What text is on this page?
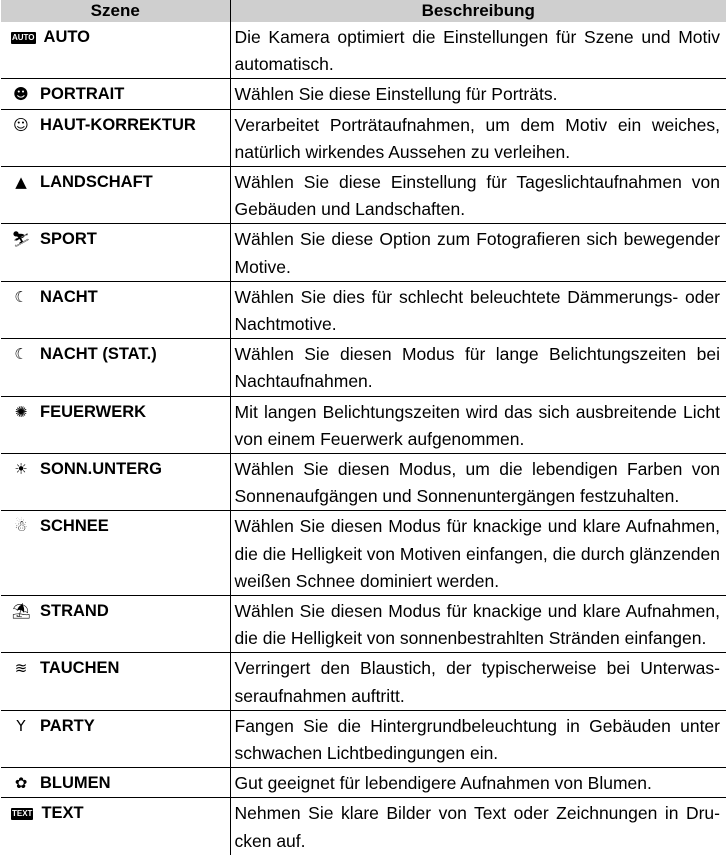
Szene	Beschreibung
AUTO AUTO	Die Kamera optimiert die Einstellungen für Szene und Motiv automatisch.
☻ PORTRAIT	Wählen Sie diese Einstellung für Porträts.
☺ HAUT-KORREKTUR	Verarbeitet Porträtaufnahmen, um dem Motiv ein weiches, natürlich wirkendes Aussehen zu verleihen.
▲ LANDSCHAFT	Wählen Sie diese Einstellung für Tageslichtaufnahmen von Gebäuden und Landschaften.
⛷ SPORT	Wählen Sie diese Option zum Fotografieren sich bewegender Motive.
☾ NACHT	Wählen Sie dies für schlecht beleuchtete Dämmerungs- oder Nachtmotive.
☾ NACHT (STAT.)	Wählen Sie diesen Modus für lange Belichtungszeiten bei Nachtaufnahmen.
✺ FEUERWERK	Mit langen Belichtungszeiten wird das sich ausbreitende Licht von einem Feuerwerk aufgenommen.
☀ SONN.UNTERG	Wählen Sie diesen Modus, um die lebendigen Farben von Sonnenaufgängen und Sonnenuntergängen festzuhalten.
☃ SCHNEE	Wählen Sie diesen Modus für knackige und klare Aufnahmen, die die Helligkeit von Motiven einfangen, die durch glänzenden weißen Schnee dominiert werden.
⛱ STRAND	Wählen Sie diesen Modus für knackige und klare Aufnahmen, die die Helligkeit von sonnenbestrahlten Stränden einfangen.
≋ TAUCHEN	Verringert den Blaustich, der typischerweise bei Unterwasseraufnahmen auftritt.
Y PARTY	Fangen Sie die Hintergrundbeleuchtung in Gebäuden unter schwachen Lichtbedingungen ein.
✿ BLUMEN	Gut geeignet für lebendigere Aufnahmen von Blumen.
TEXT TEXT	Nehmen Sie klare Bilder von Text oder Zeichnungen in Drucken auf.
